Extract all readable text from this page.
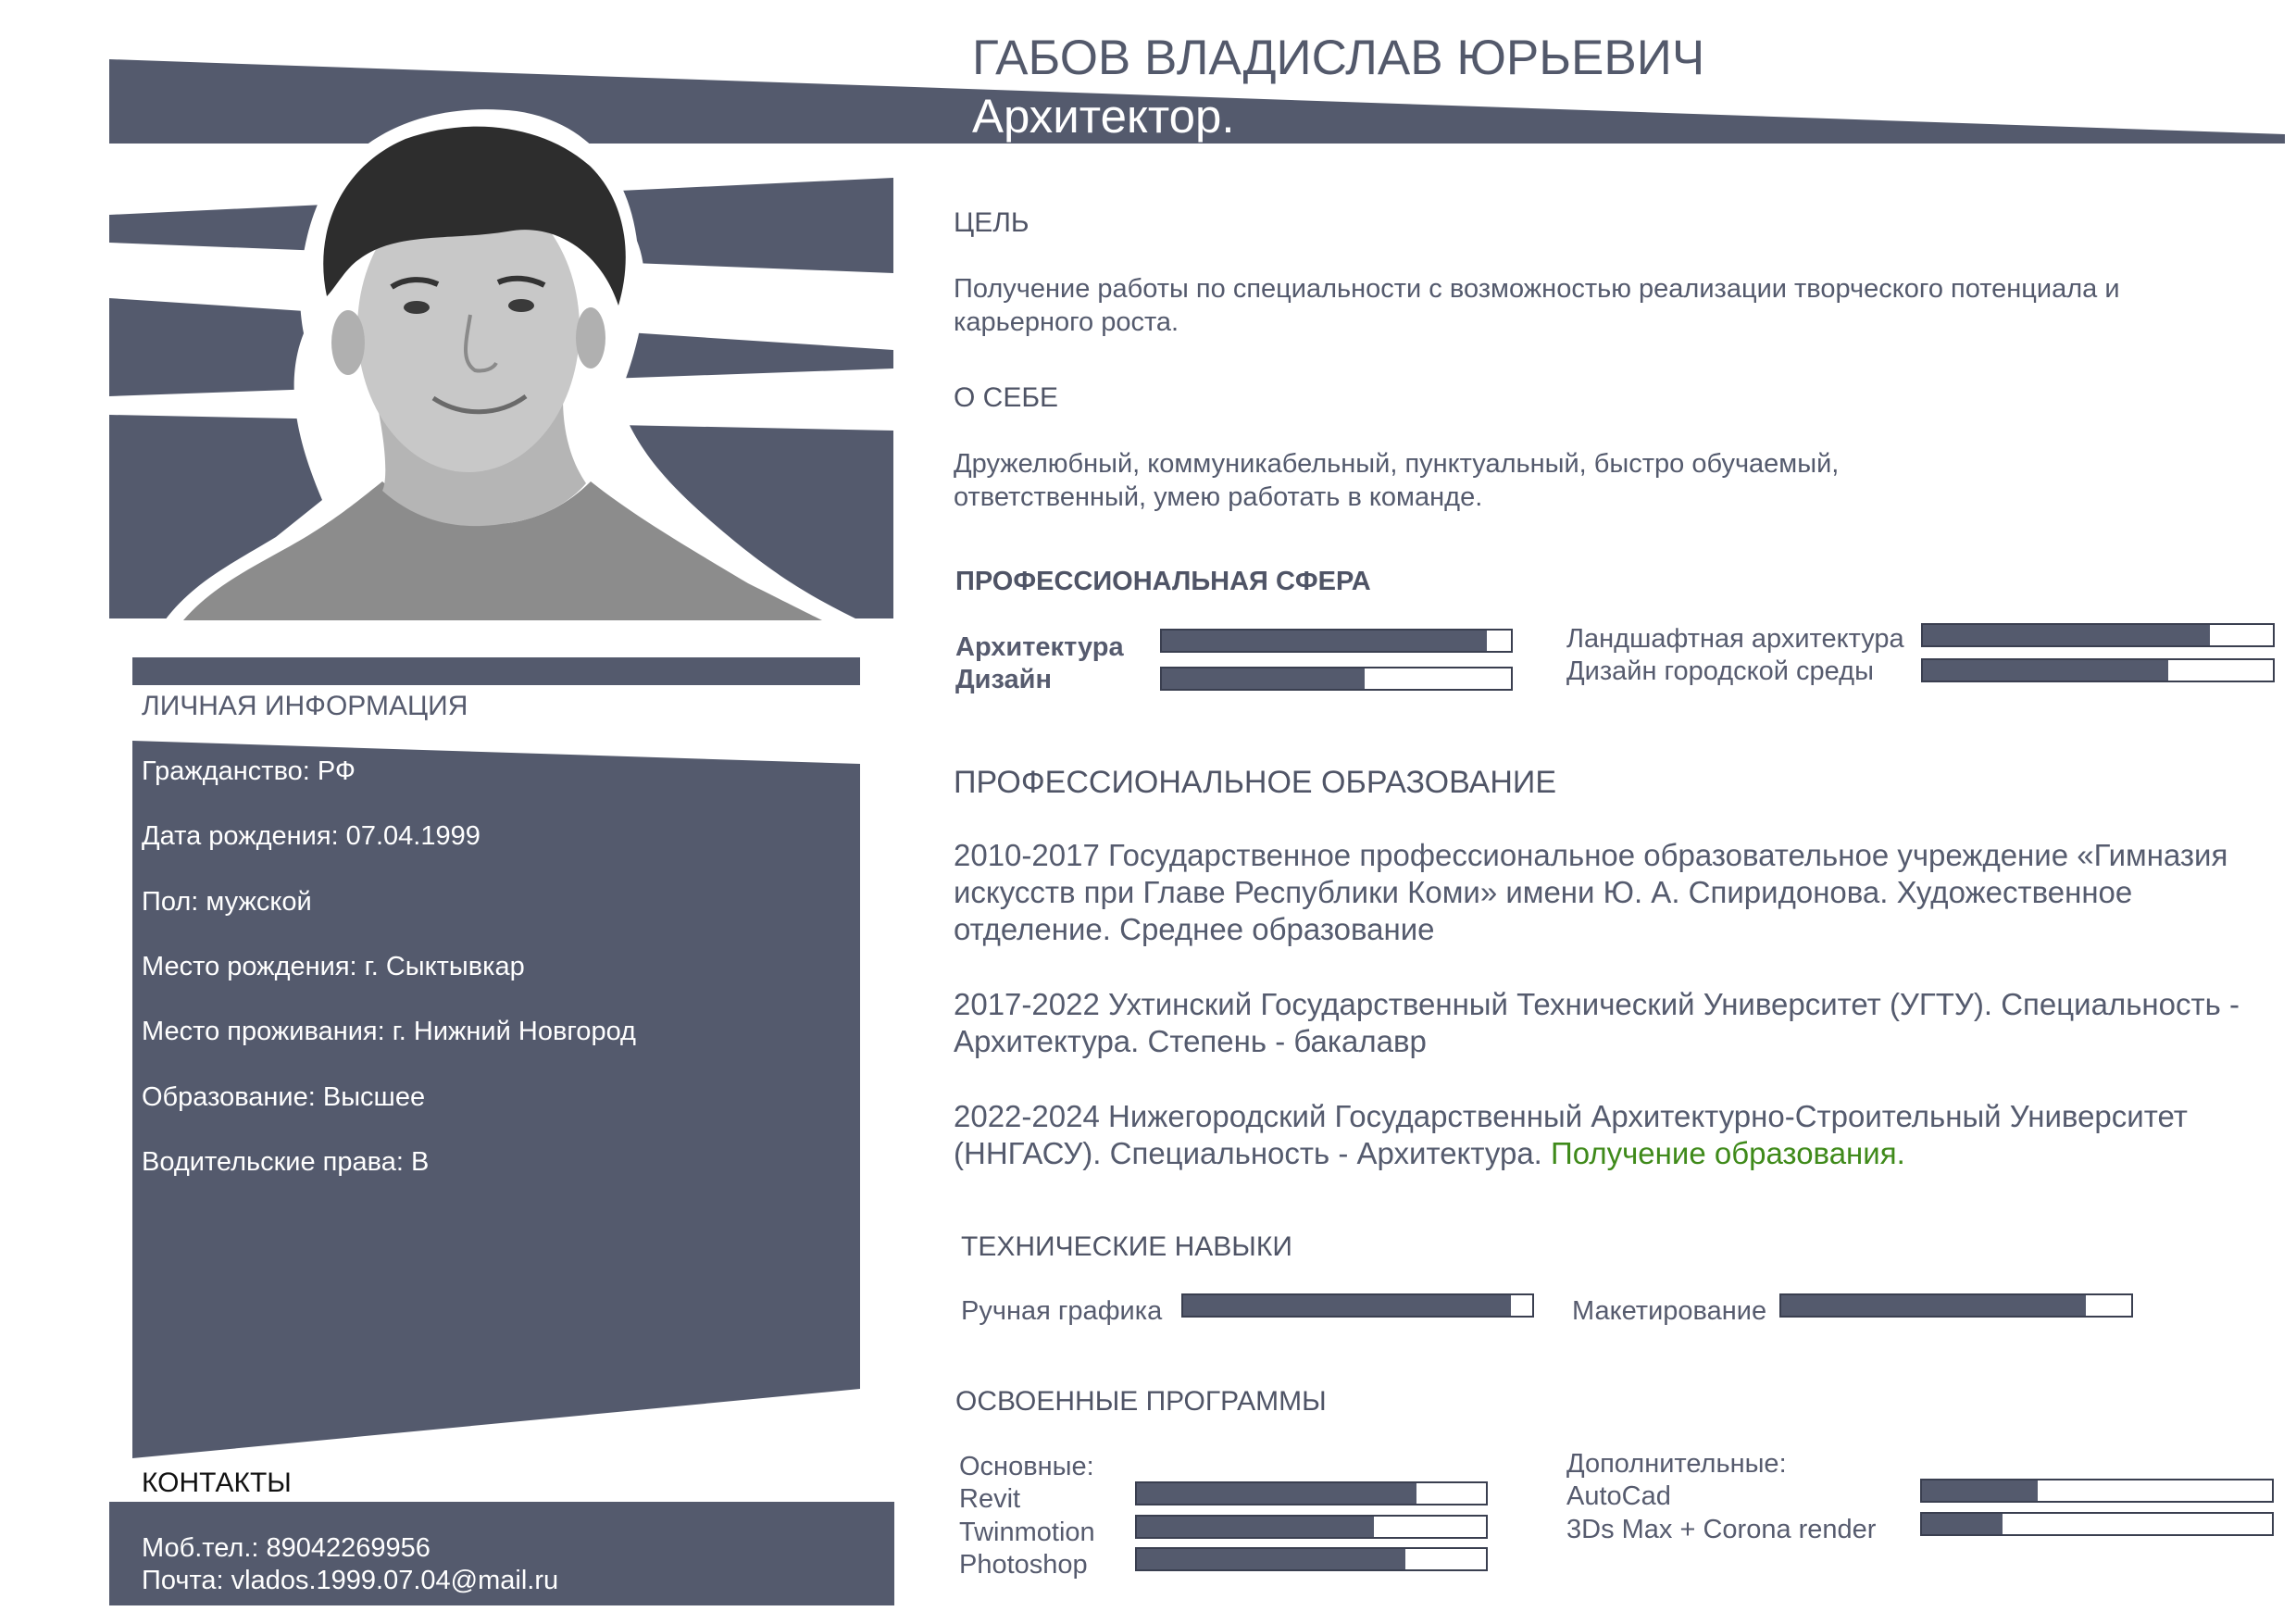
ГАБОВ ВЛАДИСЛАВ ЮРЬЕВИЧ
Архитектор.
ЦЕЛЬ
Получение работы по специальности с возможностью реализации творческого потенциала и
карьерного роста.
О СЕБЕ
Дружелюбный, коммуникабельный, пунктуальный, быстро обучаемый,
ответственный, умею работать в команде.
ПРОФЕССИОНАЛЬНАЯ СФЕРА
Архитектура
Дизайн
Ландшафтная архитектура
Дизайн городской среды
ПРОФЕССИОНАЛЬНОЕ ОБРАЗОВАНИЕ
2010-2017 Государственное профессиональное образовательное учреждение «Гимназия искусств при Главе Республики Коми» имени Ю. А. Спиридонова. Художественное отделение. Среднее образование
2017-2022 Ухтинский Государственный Технический Университет (УГТУ). Специальность - Архитектура. Степень - бакалавр
2022-2024 Нижегородский Государственный Архитектурно-Строительный Университет (ННГАСУ). Специальность - Архитектура. Получение образования.
ТЕХНИЧЕСКИЕ НАВЫКИ
Ручная графика	Макетирование
ОСВОЕННЫЕ ПРОГРАММЫ
Основные:
Revit
Twinmotion
Photoshop
Дополнительные:
AutoCad
3Ds Max + Corona render
ЛИЧНАЯ ИНФОРМАЦИЯ
Гражданство: РФ
Дата рождения: 07.04.1999
Пол: мужской
Место рождения: г. Сыктывкар
Место проживания: г. Нижний Новгород
Образование: Высшее
Водительские права: В
КОНТАКТЫ
Моб.тел.: 89042269956
Почта: vlados.1999.07.04@mail.ru
